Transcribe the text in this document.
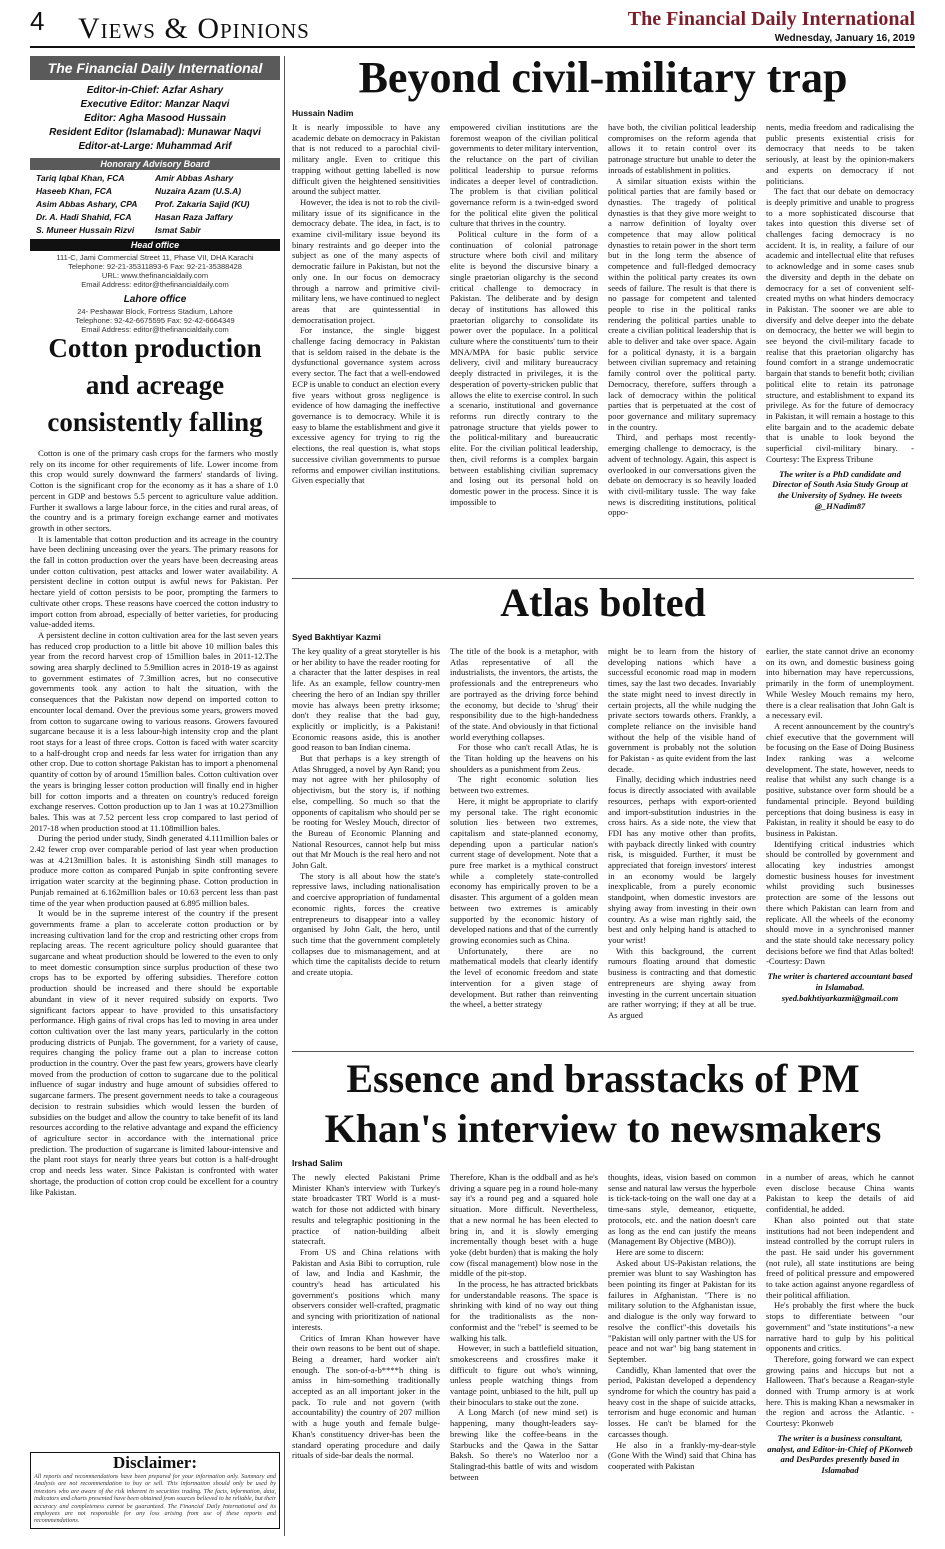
4 Views & Opinions	The Financial Daily International
Wednesday, January 16, 2019
The Financial Daily International
Editor-in-Chief: Azfar Ashary
Executive Editor: Manzar Naqvi
Editor: Agha Masood Hussain
Resident Editor (Islamabad): Munawar Naqvi
Editor-at-Large: Muhammad Arif
Honorary Advisory Board
Tariq Iqbal Khan, FCA	Amir Abbas Ashary
Haseeb Khan, FCA	Nuzaira Azam (U.S.A)
Asim Abbas Ashary, CPA	Prof. Zakaria Sajid (KU)
Dr. A. Hadi Shahid, FCA	Hasan Raza Jaffary
S. Muneer Hussain Rizvi	Ismat Sabir
Head office
111-C, Jami Commercial Street 11, Phase VII, DHA Karachi
Telephone: 92-21-35311893-6 Fax: 92-21-35388428
URL: www.thefinancialdaily.com
Email Address: editor@thefinancialdaily.com
Lahore office
24- Peshawar Block, Fortress Stadium, Lahore
Telephone: 92-42-6675595 Fax: 92-42-6664349
Email Address: editor@thefinancialdaily.com
Cotton production and acreage consistently falling

Cotton is one of the primary cash crops for the farmers who mostly rely on its income for other requirements of life. Lower income from this crop would surely downward the farmers' standards of living. Cotton is the significant crop for the economy as it has a share of 1.0 percent in GDP and bestows 5.5 percent to agriculture value addition. Further it swallows a large labour force, in the cities and rural areas, of the country and is a primary foreign exchange earner and motivates growth in other sectors.

It is lamentable that cotton production and its acreage in the country have been declining unceasing over the years. The primary reasons for the fall in cotton production over the years have been decreasing areas under cotton cultivation, pest attacks and lower water availability. A persistent decline in cotton output is awful news for Pakistan. Per hectare yield of cotton persists to be poor, prompting the farmers to cultivate other crops. These reasons have coerced the cotton industry to import cotton from abroad, especially of better varieties, for producing value-added items.

A persistent decline in cotton cultivation area for the last seven years has reduced crop production to a little bit above 10 million bales this year from the record harvest crop of 15million bales in 2011-12.The sowing area sharply declined to 5.9million acres in 2018-19 as against to government estimates of 7.3million acres, but no consecutive governments took any action to halt the situation, with the consequences that the Pakistan now depend on imported cotton to encounter local demand. Over the previous some years, growers moved from cotton to sugarcane owing to various reasons. Growers favoured sugarcane because it is a less labour-high intensity crop and the plant root stays for a least of three crops. Cotton is faced with water scarcity to a half-drought crop and needs far less water for irrigation than any other crop. Due to cotton shortage Pakistan has to import a phenomenal quantity of cotton by of around 15million bales. Cotton cultivation over the years is bringing lesser cotton production will finally end in higher bill for cotton imports and a threaten on country's reduced foreign exchange reserves. Cotton production up to Jan 1 was at 10.273million bales. This was at 7.52 percent less crop compared to last period of 2017-18 when production stood at 11.108million bales.

During the period under study, Sindh generated 4.111million bales or 2.42 fewer crop over comparable period of last year when production was at 4.213million bales. It is astonishing Sindh still manages to produce more cotton as compared Punjab in spite confronting severe irrigation water scarcity at the beginning phase. Cotton production in Punjab remained at 6.162million bales or 10.63 percent less than past time of the year when production paused at 6.895 million bales.

It would be in the supreme interest of the country if the present governments frame a plan to accelerate cotton production or by increasing cultivation land for the crop and restricting other crops from replacing areas. The recent agriculture policy should guarantee that sugarcane and wheat production should be lowered to the even to only to meet domestic consumption since surplus production of these two crops has to be exported by offering subsidies. Therefore cotton production should be increased and there should be exportable abundant in view of it never required subsidy on exports. Two significant factors appear to have provided to this unsatisfactory performance. High gains of rival crops has led to moving in area under cotton cultivation over the last many years, particularly in the cotton producing districts of Punjab. The government, for a variety of cause, requires changing the policy frame out a plan to increase cotton production in the country. Over the past few years, growers have clearly moved from the production of cotton to sugarcane due to the political influence of sugar industry and huge amount of subsidies offered to sugarcane farmers. The present government needs to take a courageous decision to restrain subsidies which would lessen the burden of subsidies on the budget and allow the country to take benefit of its land resources according to the relative advantage and expand the efficiency of agriculture sector in accordance with the international price prediction. The production of sugarcane is limited labour-intensive and the plant root stays for nearly three years but cotton is a half-drought crop and needs less water. Since Pakistan is confronted with water shortage, the production of cotton crop could be excellent for a country like Pakistan.

Disclaimer:
All reports and recommendations have been prepared for your information only. Summary and Analysis are not recommendation to buy or sell. This information should only be used by investors who are aware of the risk inherent in securities trading. The facts, information, data, indicators and charts presented have been obtained from sources believed to be reliable, but their accuracy and completeness cannot be guaranteed. The Financial Daily International and its employees are not responsible for any loss arising from use of these reports and recommendations.
Beyond civil-military trap
Hussain Nadim

It is nearly impossible to have any academic debate on democracy in Pakistan that is not reduced to a parochial civil-military angle. Even to critique this trapping without getting labelled is now difficult given the heightened sensitivities around the subject matter.

However, the idea is not to rob the civil-military issue of its significance in the democracy debate. The idea, in fact, is to examine civil-military issue beyond its binary restraints and go deeper into the subject as one of the many aspects of democratic failure in Pakistan, but not the only one. In our focus on democracy through a narrow and primitive civil-military lens, we have continued to neglect areas that are quintessential in democratisation project.

For instance, the single biggest challenge facing democracy in Pakistan that is seldom raised in the debate is the dysfunctional governance system across every sector. The fact that a well-endowed ECP is unable to conduct an election every five years without gross negligence is evidence of how damaging the ineffective governance is to democracy. While it is easy to blame the establishment and give it excessive agency for trying to rig the elections, the real question is, what stops successive civilian governments to pursue reforms and empower civilian institutions. Given especially that

empowered civilian institutions are the foremost weapon of the civilian political governments to deter military intervention, the reluctance on the part of civilian political leadership to pursue reforms indicates a deeper level of contradiction. The problem is that civilian political governance reform is a twin-edged sword for the political elite given the political culture that thrives in the country.

Political culture in the form of a continuation of colonial patronage structure where both civil and military elite is beyond the discursive binary a single praetorian oligarchy is the second critical challenge to democracy in Pakistan. The deliberate and by design decay of institutions has allowed this praetorian oligarchy to consolidate its power over the populace. In a political culture where the constituents' turn to their MNA/MPA for basic public service delivery, civil and military bureaucracy deeply distracted in privileges, it is the desperation of poverty-stricken public that allows the elite to exercise control. In such a scenario, institutional and governance reforms run directly contrary to the patronage structure that yields power to the political-military and bureaucratic elite. For the civilian political leadership, then, civil reforms is a complex bargain between establishing civilian supremacy and losing out its personal hold on domestic power in the process. Since it is impossible to

have both, the civilian political leadership compromises on the reform agenda that allows it to retain control over its patronage structure but unable to deter the inroads of establishment in politics.

A similar situation exists within the political parties that are family based or dynasties. The tragedy of political dynasties is that they give more weight to a narrow definition of loyalty over competence that may allow political dynasties to retain power in the short term but in the long term the absence of competence and full-fledged democracy within the political party creates its own seeds of failure. The result is that there is no passage for competent and talented people to rise in the political ranks rendering the political parties unable to create a civilian political leadership that is able to deliver and take over space. Again for a political dynasty, it is a bargain between civilian supremacy and retaining family control over the political party. Democracy, therefore, suffers through a lack of democracy within the political parties that is perpetuated at the cost of poor governance and military supremacy in the country.

Third, and perhaps most recently-emerging challenge to democracy, is the advent of technology. Again, this aspect is overlooked in our conversations given the debate on democracy is so heavily loaded with civil-military tussle. The way fake news is discrediting institutions, political oppo-

nents, media freedom and radicalising the public presents existential crisis for democracy that needs to be taken seriously, at least by the opinion-makers and experts on democracy if not politicians.

The fact that our debate on democracy is deeply primitive and unable to progress to a more sophisticated discourse that takes into question this diverse set of challenges facing democracy is no accident. It is, in reality, a failure of our academic and intellectual elite that refuses to acknowledge and in some cases snub the diversity and depth in the debate on democracy for a set of convenient self-created myths on what hinders democracy in Pakistan. The sooner we are able to diversify and delve deeper into the debate on democracy, the better we will begin to see beyond the civil-military facade to realise that this praetorian oligarchy has found comfort in a strange undemocratic bargain that stands to benefit both; civilian political elite to retain its patronage structure, and establishment to expand its privilege. As for the future of democracy in Pakistan, it will remain a hostage to this elite bargain and to the academic debate that is unable to look beyond the superficial civil-military binary. - Courtesy: The Express Tribune

The writer is a PhD candidate and Director of South Asia Study Group at the University of Sydney. He tweets @_HNadim87

Atlas bolted
Syed Bakhtiyar Kazmi

The key quality of a great storyteller is his or her ability to have the reader rooting for a character that the latter despises in real life. As an example, fellow country-men cheering the hero of an Indian spy thriller movie has always been pretty irksome; don't they realise that the bad guy, explicitly or implicitly, is a Pakistani! Economic reasons aside, this is another good reason to ban Indian cinema.

But that perhaps is a key strength of Atlas Shrugged, a novel by Ayn Rand; you may not agree with her philosophy of objectivism, but the story is, if nothing else, compelling. So much so that the opponents of capitalism who should per se be rooting for Wesley Mouch, director of the Bureau of Economic Planning and National Resources, cannot help but miss out that Mr Mouch is the real hero and not John Galt.

The story is all about how the state's repressive laws, including nationalisation and coercive appropriation of fundamental economic rights, forces the creative entrepreneurs to disappear into a valley organised by John Galt, the hero, until such time that the government completely collapses due to mismanagement, and at which time the capitalists decide to return and create utopia.

The title of the book is a metaphor, with Atlas representative of all the industrialists, the inventors, the artists, the professionals and the entrepreneurs who are portrayed as the driving force behind the economy, but decide to 'shrug' their responsibility due to the high-handedness of the state. And obviously in that fictional world everything collapses.

For those who can't recall Atlas, he is the Titan holding up the heavens on his shoulders as a punishment from Zeus.

The right economic solution lies between two extremes.

Here, it might be appropriate to clarify my personal take. The right economic solution lies between two extremes, capitalism and state-planned economy, depending upon a particular nation's current stage of development. Note that a pure free market is a mythical construct while a completely state-controlled economy has empirically proven to be a disaster. This argument of a golden mean between two extremes is amicably supported by the economic history of developed nations and that of the currently growing economies such as China.

Unfortunately, there are no mathematical models that clearly identify the level of economic freedom and state intervention for a given stage of development. But rather than reinventing the wheel, a better strategy

might be to learn from the history of developing nations which have a successful economic road map in modern times, say the last two decades. Invariably the state might need to invest directly in certain projects, all the while nudging the private sectors towards others. Frankly, a complete reliance on the invisible hand without the help of the visible hand of government is probably not the solution for Pakistan - as quite evident from the last decade.

Finally, deciding which industries need focus is directly associated with available resources, perhaps with export-oriented and import-substitution industries in the cross hairs. As a side note, the view that FDI has any motive other than profits, with payback directly linked with country risk, is misguided. Further, it must be appreciated that foreign investors' interest in an economy would be largely inexplicable, from a purely economic standpoint, when domestic investors are shying away from investing in their own country. As a wise man rightly said, the best and only helping hand is attached to your wrist!

With this background, the current rumours floating around that domestic business is contracting and that domestic entrepreneurs are shying away from investing in the current uncertain situation are rather worrying; if they at all be true. As argued

earlier, the state cannot drive an economy on its own, and domestic business going into hibernation may have repercussions, primarily in the form of unemployment. While Wesley Mouch remains my hero, there is a clear realisation that John Galt is a necessary evil.

A recent announcement by the country's chief executive that the government will be focusing on the Ease of Doing Business Index ranking was a welcome development. The state, however, needs to realise that whilst any such change is a positive, substance over form should be a fundamental principle. Beyond building perceptions that doing business is easy in Pakistan, in reality it should be easy to do business in Pakistan.

Identifying critical industries which should be controlled by government and allocating key industries amongst domestic business houses for investment whilst providing such businesses protection are some of the lessons out there which Pakistan can learn from and replicate. All the wheels of the economy should move in a synchronised manner and the state should take necessary policy decisions before we find that Atlas bolted! -Courtesy: Dawn

The writer is chartered accountant based in Islamabad. syed.bakhtiyarkazmi@gmail.com

Essence and brasstacks of PM Khan's interview to newsmakers
Irshad Salim

The newly elected Pakistani Prime Minister Khan's interview with Turkey's state broadcaster TRT World is a must-watch for those not addicted with binary results and telegraphic positioning in the practice of nation-building albeit statecraft.

From US and China relations with Pakistan and Asia Bibi to corruption, rule of law, and India and Kashmir, the country's head has articulated his government's positions which many observers consider well-crafted, pragmatic and syncing with prioritization of national interests.

Critics of Imran Khan however have their own reasons to be bent out of shape. Being a dreamer, hard worker ain't enough. The son-of-a-b****h thing is amiss in him-something traditionally accepted as an all important joker in the pack. To rule and not govern (with accountability) the country of 207 million with a huge youth and female bulge-Khan's constituency driver-has been the standard operating procedure and daily rituals of side-bar deals the normal.

Therefore, Khan is the oddball and as he's driving a square peg in a round hole-many say it's a round peg and a squared hole situation. More difficult. Nevertheless, that a new normal he has been elected to bring in, and it is slowly emerging incrementally though beset with a huge yoke (debt burden) that is making the holy cow (fiscal management) blow nose in the middle of the pit-stop.

In the process, he has attracted brickbats for understandable reasons. The space is shrinking with kind of no way out thing for the traditionalists as the non-conformist and the "rebel" is seemed to be walking his talk.

However, in such a battlefield situation, smokescreens and crossfires make it difficult to figure out who's winning, unless people watching things from vantage point, unbiased to the hilt, pull up their binoculars to stake out the zone.

A Long March (of new mind set) is happening, many thought-leaders say-brewing like the coffee-beans in the Starbucks and the Qawa in the Sattar Baksh. So there's no Waterloo nor a Stalingrad-this battle of wits and wisdom between

thoughts, ideas, vision based on common sense and natural law versus the hyperbole is tick-tack-toing on the wall one day at a time-sans style, demeanor, etiquette, protocols, etc. and the nation doesn't care as long as the end can justify the means (Management By Objective (MBO)).

Here are some to discern:

Asked about US-Pakistan relations, the premier was blunt to say Washington has been pointing its finger at Pakistan for its failures in Afghanistan. "There is no military solution to the Afghanistan issue, and dialogue is the only way forward to resolve the conflict"-this dovetails his "Pakistan will only partner with the US for peace and not war" big bang statement in September.

Candidly, Khan lamented that over the period, Pakistan developed a dependency syndrome for which the country has paid a heavy cost in the shape of suicide attacks, terrorism and huge economic and human losses. He can't be blamed for the carcasses though.

He also in a frankly-my-dear-style (Gone With the Wind) said that China has cooperated with Pakistan

in a number of areas, which he cannot even disclose because China wants Pakistan to keep the details of aid confidential, he added.

Khan also pointed out that state institutions had not been independent and instead controlled by the corrupt rulers in the past. He said under his government (not rule), all state institutions are being freed of political pressure and empowered to take action against anyone regardless of their political affiliation.

He's probably the first where the buck stops to differentiate between "our government" and "state institutions"-a new narrative hard to gulp by his political opponents and critics.

Therefore, going forward we can expect growing pains and hiccups but not a Halloween. That's because a Reagan-style donned with Trump armory is at work here. This is making Khan a newsmaker in the region and across the Atlantic. -Courtesy: Pkonweb

The writer is a business consultant, analyst, and Editor-in-Chief of PKonweb and DesPardes presently based in Islamabad
